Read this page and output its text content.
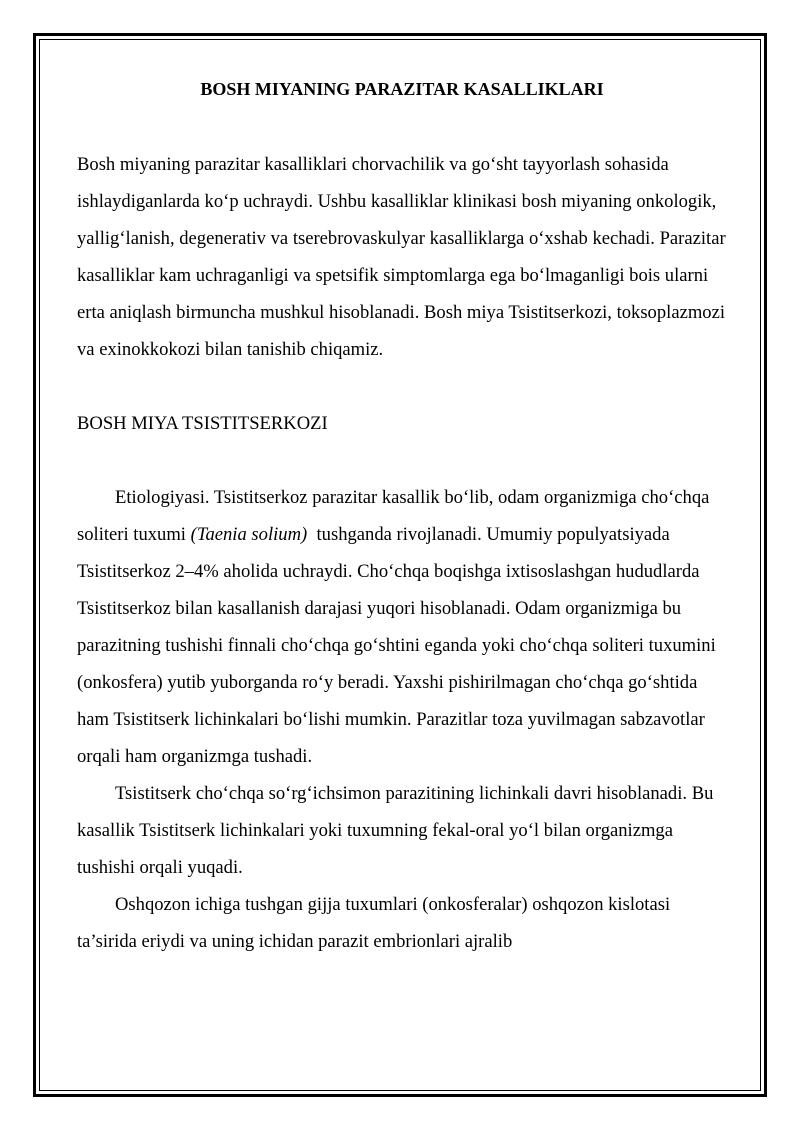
BOSH MIYANING PARAZITAR KASALLIKLARI

Bosh miyaning parazitar kasalliklari chorvachilik va go‘sht tayyorlash sohasida ishlaydiganlarda ko‘p uchraydi. Ushbu kasalliklar klinikasi bosh miyaning onkologik, yallig‘lanish, degenerativ va tserebrovaskulyar kasalliklarga o‘xshab kechadi. Parazitar kasalliklar kam uchraganligi va spetsifik simptomlarga ega bo‘lmaganligi bois ularni erta aniqlash birmuncha mushkul hisoblanadi. Bosh miya Tsistitserkozi, toksoplazmozi va exinokkokozi bilan tanishib chiqamiz.

BOSH MIYA TSISTITSERKOZI

Etiologiyasi. Tsistitserkoz parazitar kasallik bo‘lib, odam organizmiga cho‘chqa soliteri tuxumi (Taenia solium)  tushganda rivojlanadi. Umumiy populyatsiyada Tsistitserkoz 2–4% aholida uchraydi. Cho‘chqa boqishga ixtisoslashgan hududlarda Tsistitserkoz bilan kasallanish darajasi yuqori hisoblanadi. Odam organizmiga bu parazitning tushishi finnali cho‘chqa go‘shtini eganda yoki cho‘chqa soliteri tuxumini (onkosfera) yutib yuborganda ro‘y beradi. Yaxshi pishirilmagan cho‘chqa go‘shtida ham Tsistitserk lichinkalari bo‘lishi mumkin. Parazitlar toza yuvilmagan sabzavotlar orqali ham organizmga tushadi.

Tsistitserk cho‘chqa so‘rg‘ichsimon parazitining lichinkali davri hisoblanadi. Bu kasallik Tsistitserk lichinkalari yoki tuxumning fekal-oral yo‘l bilan organizmga tushishi orqali yuqadi.

Oshqozon ichiga tushgan gijja tuxumlari (onkosferalar) oshqozon kislotasi ta’sirida eriydi va uning ichidan parazit embrionlari ajralib
